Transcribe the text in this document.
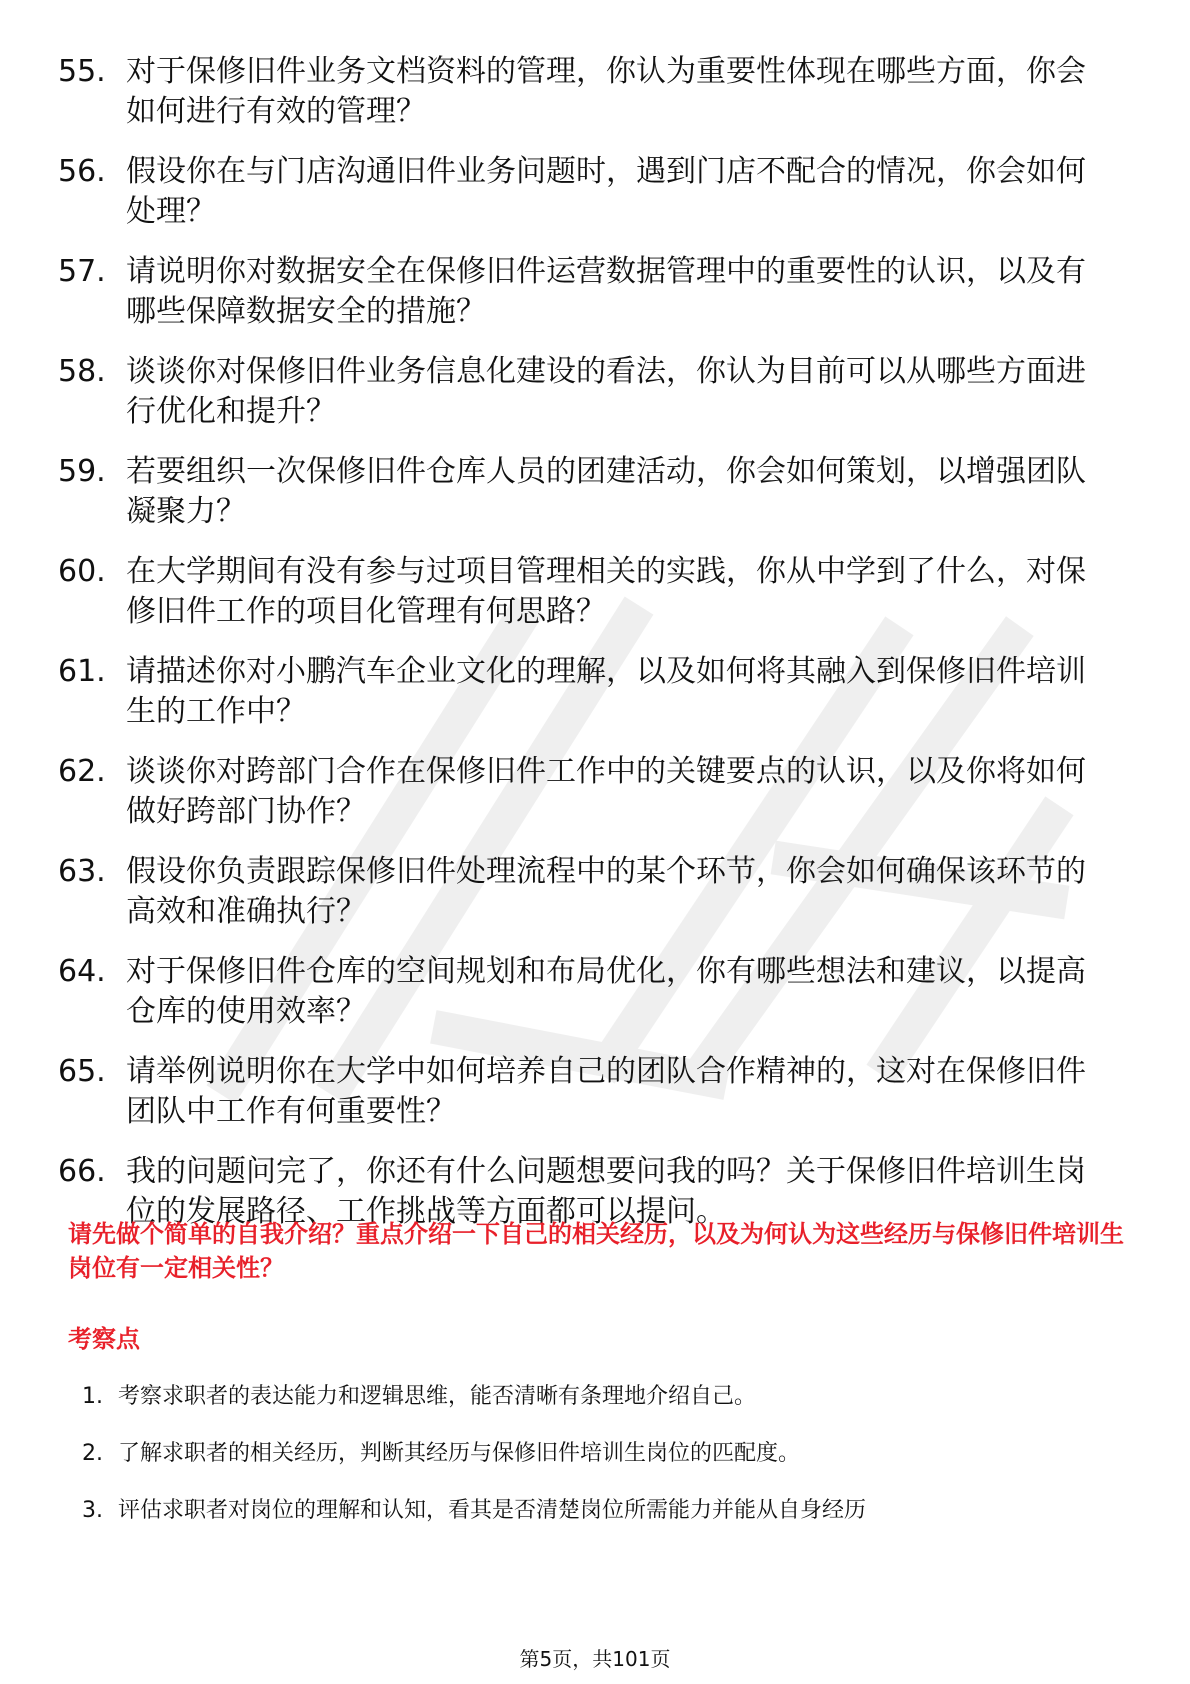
55. 对于保修旧件业务文档资料的管理，你认为重要性体现在哪些方面，你会如何进行有效的管理？
56. 假设你在与门店沟通旧件业务问题时，遇到门店不配合的情况，你会如何处理？
57. 请说明你对数据安全在保修旧件运营数据管理中的重要性的认识，以及有哪些保障数据安全的措施？
58. 谈谈你对保修旧件业务信息化建设的看法，你认为目前可以从哪些方面进行优化和提升？
59. 若要组织一次保修旧件仓库人员的团建活动，你会如何策划，以增强团队凝聚力？
60. 在大学期间有没有参与过项目管理相关的实践，你从中学到了什么，对保修旧件工作的项目化管理有何思路？
61. 请描述你对小鹏汽车企业文化的理解，以及如何将其融入到保修旧件培训生的工作中？
62. 谈谈你对跨部门合作在保修旧件工作中的关键要点的认识，以及你将如何做好跨部门协作？
63. 假设你负责跟踪保修旧件处理流程中的某个环节，你会如何确保该环节的高效和准确执行？
64. 对于保修旧件仓库的空间规划和布局优化，你有哪些想法和建议，以提高仓库的使用效率？
65. 请举例说明你在大学中如何培养自己的团队合作精神的，这对在保修旧件团队中工作有何重要性？
66. 我的问题问完了，你还有什么问题想要问我的吗？关于保修旧件培训生岗位的发展路径、工作挑战等方面都可以提问。
请先做个简单的自我介绍？重点介绍一下自己的相关经历，以及为何认为这些经历与保修旧件培训生岗位有一定相关性？
考察点
1. 考察求职者的表达能力和逻辑思维，能否清晰有条理地介绍自己。
2. 了解求职者的相关经历，判断其经历与保修旧件培训生岗位的匹配度。
3. 评估求职者对岗位的理解和认知，看其是否清楚岗位所需能力并能从自身经历
第5页，共101页
